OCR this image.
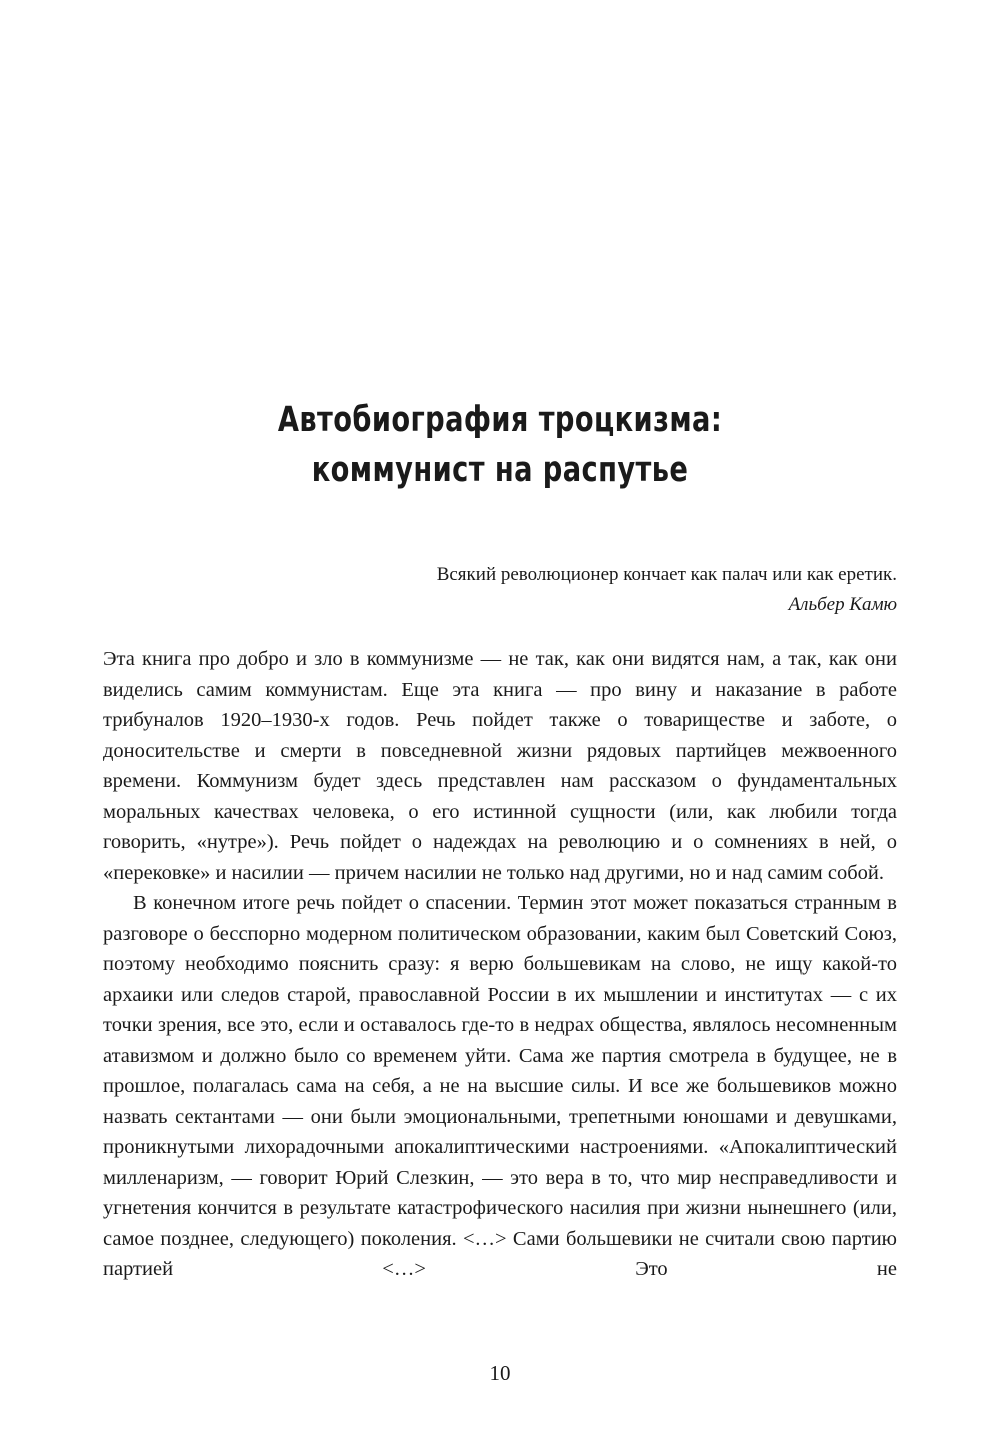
Автобиография троцкизма:
коммунист на распутье
Всякий революционер кончает как палач или как еретик.
Альбер Камю

Эта книга про добро и зло в коммунизме — не так, как они видятся нам, а так, как они виделись самим коммунистам. Еще эта книга — про вину и наказание в работе трибуналов 1920–1930-х годов. Речь пойдет также о товариществе и заботе, о доносительстве и смерти в повседневной жизни рядовых партийцев межвоенного времени. Коммунизм будет здесь представлен нам рассказом о фундаментальных моральных качествах человека, о его истинной сущности (или, как любили тогда говорить, «нутре»). Речь пойдет о надеждах на революцию и о сомнениях в ней, о «перековке» и насилии — причем насилии не только над другими, но и над самим собой.

В конечном итоге речь пойдет о спасении. Термин этот может показаться странным в разговоре о бесспорно модерном политическом образовании, каким был Советский Союз, поэтому необходимо пояснить сразу: я верю большевикам на слово, не ищу какой-то архаики или следов старой, православной России в их мышлении и институтах — с их точки зрения, все это, если и оставалось где-то в недрах общества, являлось несомненным атавизмом и должно было со временем уйти. Сама же партия смотрела в будущее, не в прошлое, полагалась сама на себя, а не на высшие силы. И все же большевиков можно назвать сектантами — они были эмоциональными, трепетными юношами и девушками, проникнутыми лихорадочными апокалиптическими настроениями. «Апокалиптический милленаризм, — говорит Юрий Слезкин, — это вера в то, что мир несправедливости и угнетения кончится в результате катастрофического насилия при жизни нынешнего (или, самое позднее, следующего) поколения. <…> Сами большевики не считали свою партию партией <…> Это не

10
